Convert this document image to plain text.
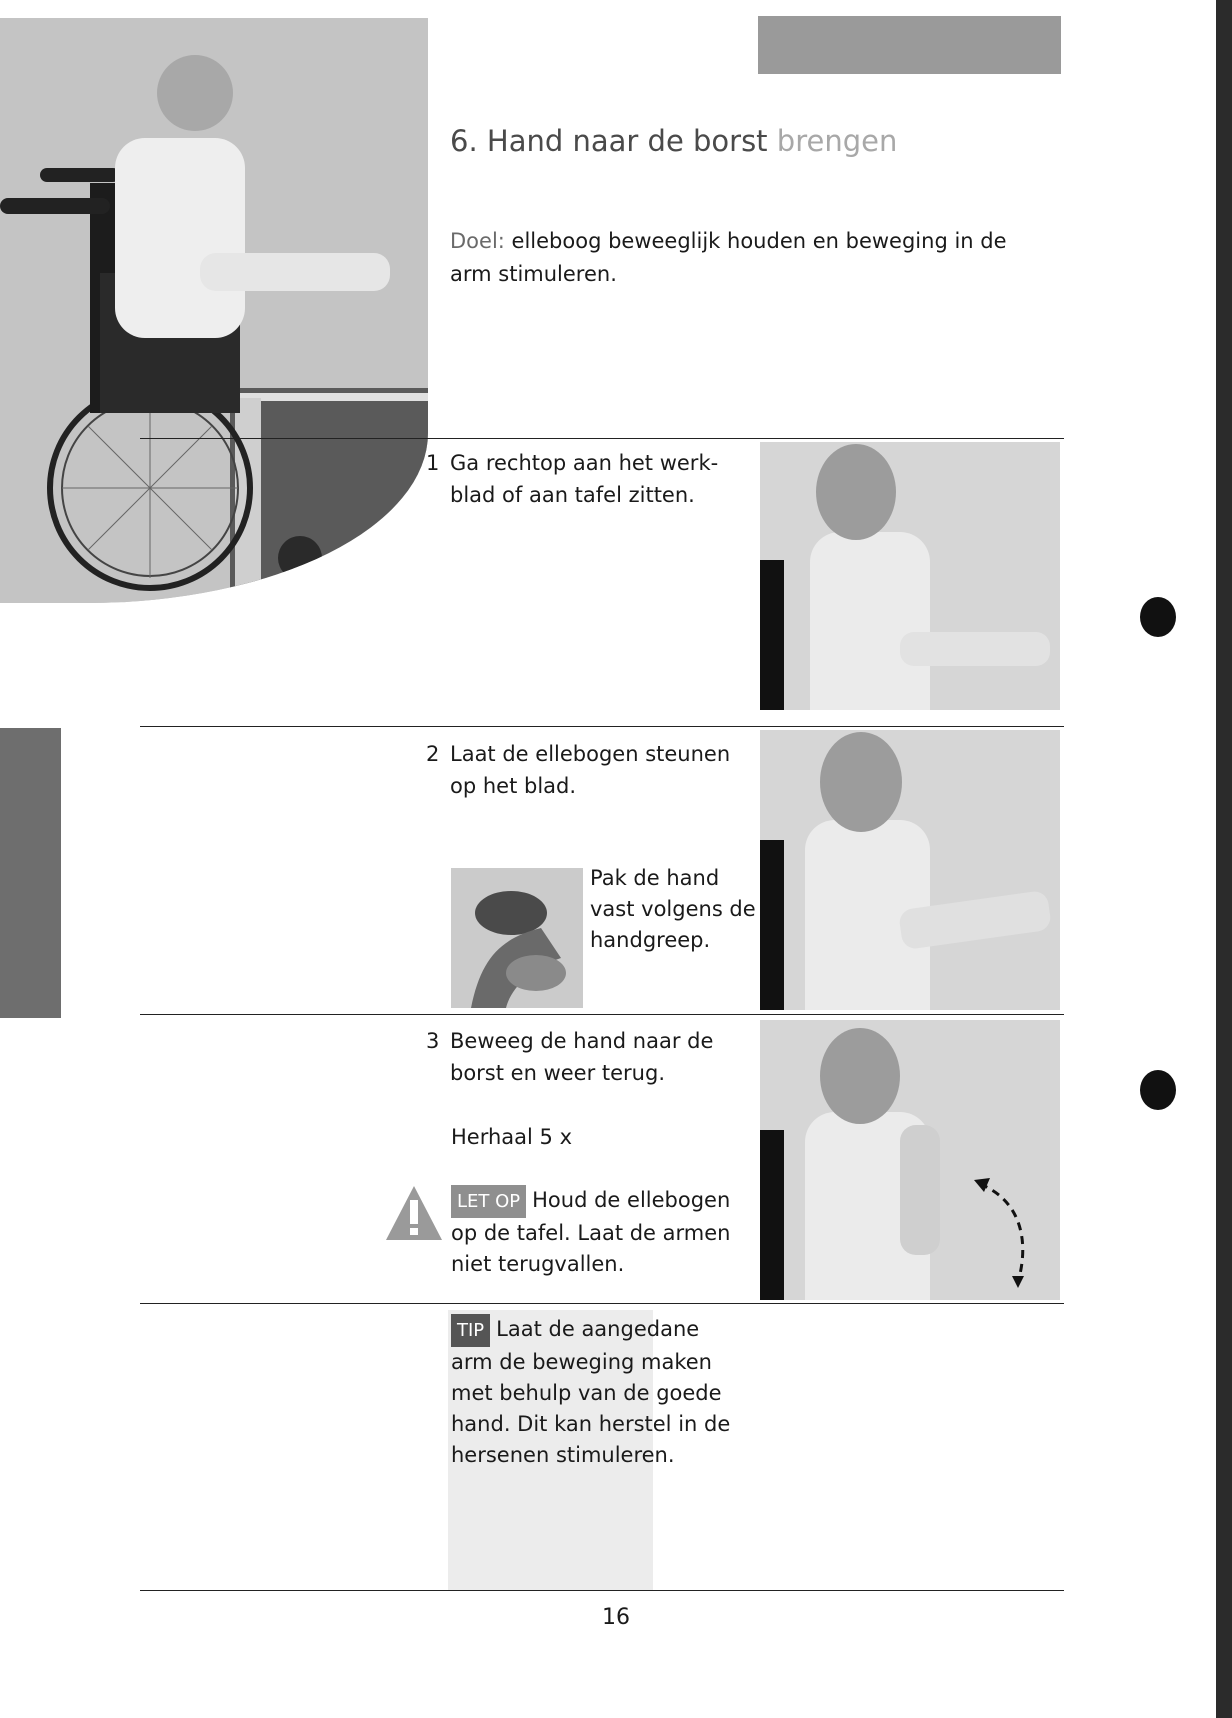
6. Hand naar de borst brengen
Doel: elleboog beweeglijk houden en beweging in de arm stimuleren.
1 Ga rechtop aan het werk-blad of aan tafel zitten.
2 Laat de ellebogen steunen op het blad.
Pak de hand vast volgens de handgreep.
3 Beweeg de hand naar de borst en weer terug.
Herhaal 5 x
LET OP Houd de ellebogen op de tafel. Laat de armen niet terugvallen.
TIP Laat de aangedane arm de beweging maken met behulp van de goede hand. Dit kan herstel in de hersenen stimuleren.
16
